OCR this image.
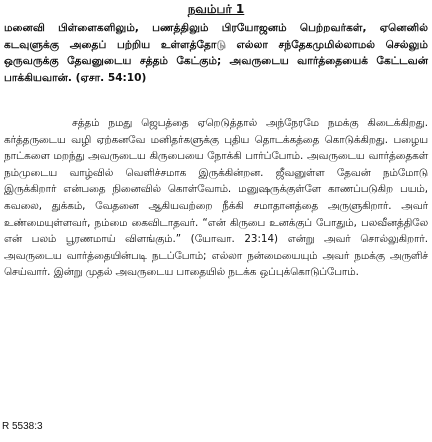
நவம்பர் 1
மனைவி பிள்ளைகளிலும், பணத்திலும் பிரயோஜனம் பெற்றவர்கள், ஏனெனில் கடவுளுக்கு அதைப் பற்றிய உள்ளத்தோடு எல்லா சந்தேகமுமில்லாமல் செல்லும் ஒருவருக்கு தேவனுடைய சத்தம் கேட்கும்; அவருடைய வார்த்தையைக் கேட்டவன் பாக்கியவான். (ஏசா. 54:10)
சத்தம் நமது ஜெபத்தை ஏறெடுத்தால் அந்நேரமே நமக்கு கிடைக்கிறது. கர்த்தருடைய வழி ஏற்கனவே மனிதர்களுக்கு புதிய தொடக்கத்தை கொடுக்கிறது. பழைய நாட்களை மறந்து அவருடைய கிருபையை நோக்கி பார்ப்போம். அவருடைய வார்த்தைகள் நம்முடைய வாழ்வில் வெளிச்சமாக இருக்கின்றன. ஜீவனுள்ள தேவன் நம்மோடு இருக்கிறார் என்பதை நினைவில் கொள்வோம். மனுஷருக்குள்ளே காணப்படுகிற பயம், கவலை, துக்கம், வேதனை ஆகியவற்றை நீக்கி சமாதானத்தை அருளுகிறார். அவர் உண்மையுள்ளவர், நம்மை கைவிடாதவர். “என் கிருபை உனக்குப் போதும், பலவீனத்திலே என் பலம் பூரணமாய் விளங்கும்.” (யோவா. 23:14) என்று அவர் சொல்லுகிறார். அவருடைய வார்த்தையின்படி நடப்போம்; எல்லா நன்மையையும் அவர் நமக்கு அருளிச் செய்வார். இன்று முதல் அவருடைய பாதையில் நடக்க ஒப்புக்கொடுப்போம்.
R 5538:3
